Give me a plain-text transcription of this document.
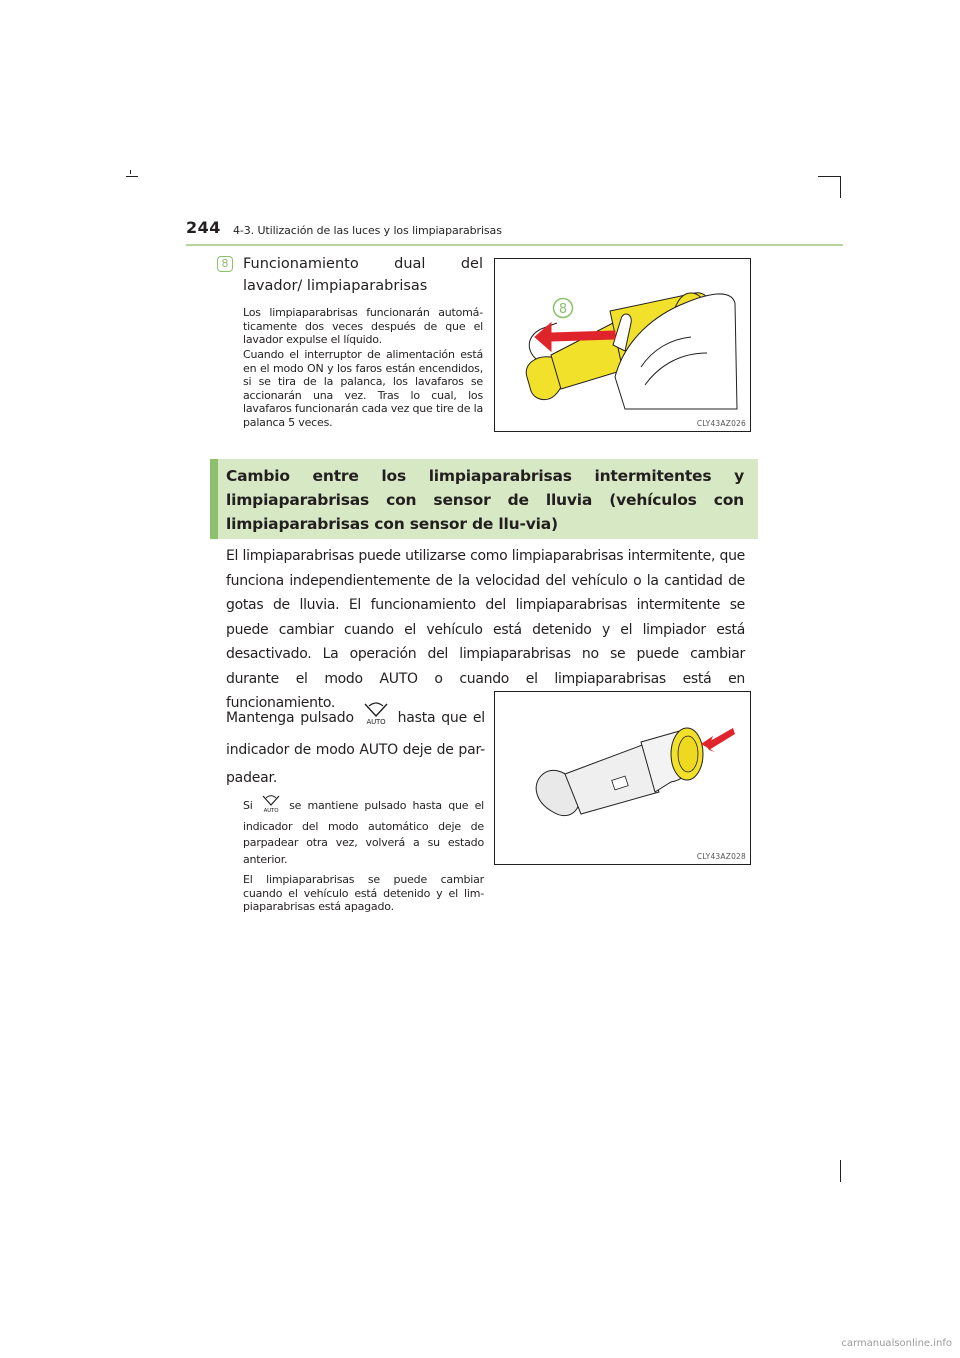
244 4-3. Utilización de las luces y los limpiaparabrisas
8	Funcionamiento dual del lavador/ limpiaparabrisas
Los limpiaparabrisas funcionarán automá-ticamente dos veces después de que el lavador expulse el líquido.
Cuando el interruptor de alimentación está en el modo ON y los faros están encendidos, si se tira de la palanca, los lavafaros se accionarán una vez. Tras lo cual, los lavafaros funcionarán cada vez que tire de la palanca 5 veces.
8
CLY43AZ026
Cambio entre los limpiaparabrisas intermitentes y limpiaparabrisas con sensor de lluvia (vehículos con limpiaparabrisas con sensor de llu-via)
El limpiaparabrisas puede utilizarse como limpiaparabrisas intermitente, que funciona independientemente de la velocidad del vehículo o la cantidad de gotas de lluvia. El funcionamiento del limpiaparabrisas intermitente se puede cambiar cuando el vehículo está detenido y el limpiador está desactivado. La operación del limpiaparabrisas no se puede cambiar durante el modo AUTO o cuando el limpiaparabrisas está en funcionamiento.
Mantenga pulsado AUTO hasta que el indicador de modo AUTO deje de par-padear.
Si AUTO se mantiene pulsado hasta que el indicador del modo automático deje de parpadear otra vez, volverá a su estado anterior.
El limpiaparabrisas se puede cambiar cuando el vehículo está detenido y el lim-piaparabrisas está apagado.
CLY43AZ028
carmanualsonline.info
